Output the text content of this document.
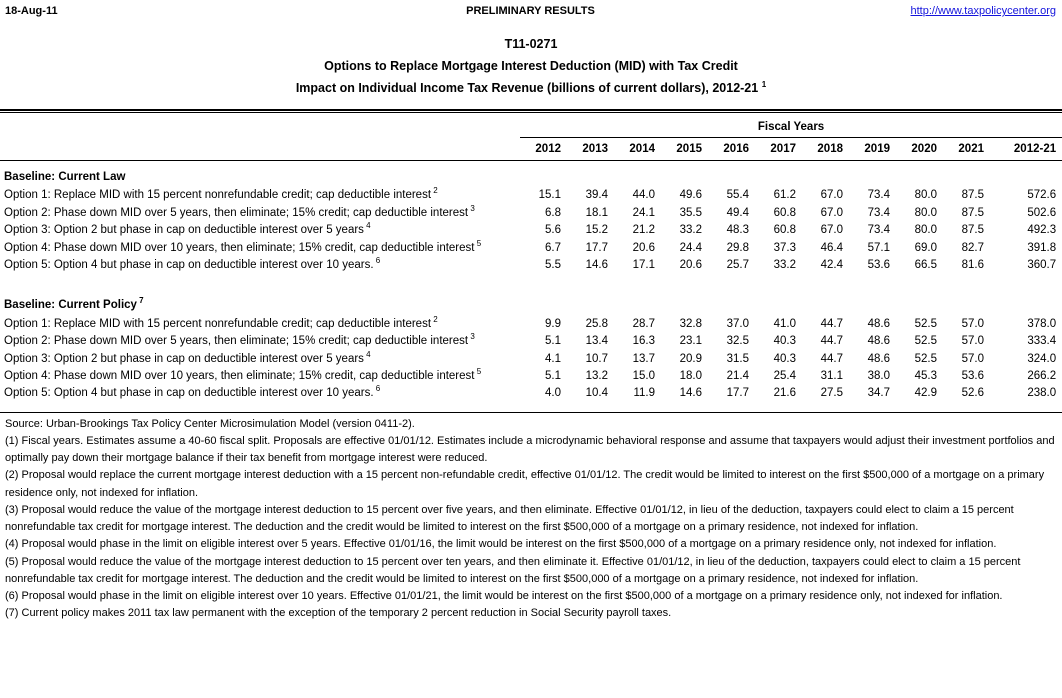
18-Aug-11	PRELIMINARY RESULTS	http://www.taxpolicycenter.org
T11-0271
Options to Replace Mortgage Interest Deduction (MID) with Tax Credit
Impact on Individual Income Tax Revenue (billions of current dollars), 2012-21 $^1$
	Fiscal Years										
	2012	2013	2014	2015	2016	2017	2018	2019	2020	2021	2012-21
Baseline: Current Law											
Option 1: Replace MID with 15 percent nonrefundable credit; cap deductible interest $^2$	15.1	39.4	44.0	49.6	55.4	61.2	67.0	73.4	80.0	87.5	572.6
Option 2: Phase down MID over 5 years, then eliminate; 15% credit; cap deductible interest $^3$	6.8	18.1	24.1	35.5	49.4	60.8	67.0	73.4	80.0	87.5	502.6
Option 3: Option 2 but phase in cap on deductible interest over 5 years $^4$	5.6	15.2	21.2	33.2	48.3	60.8	67.0	73.4	80.0	87.5	492.3
Option 4: Phase down MID over 10 years, then eliminate; 15% credit, cap deductible interest $^5$	6.7	17.7	20.6	24.4	29.8	37.3	46.4	57.1	69.0	82.7	391.8
Option 5: Option 4 but phase in cap on deductible interest over 10 years. $^6$	5.5	14.6	17.1	20.6	25.7	33.2	42.4	53.6	66.5	81.6	360.7

Baseline: Current Policy $^7$
Option 1: Replace MID with 15 percent nonrefundable credit; cap deductible interest $^2$	9.9	25.8	28.7	32.8	37.0	41.0	44.7	48.6	52.5	57.0	378.0
Option 2: Phase down MID over 5 years, then eliminate; 15% credit; cap deductible interest $^3$	5.1	13.4	16.3	23.1	32.5	40.3	44.7	48.6	52.5	57.0	333.4
Option 3: Option 2 but phase in cap on deductible interest over 5 years $^4$	4.1	10.7	13.7	20.9	31.5	40.3	44.7	48.6	52.5	57.0	324.0
Option 4: Phase down MID over 10 years, then eliminate; 15% credit, cap deductible interest $^5$	5.1	13.2	15.0	18.0	21.4	25.4	31.1	38.0	45.3	53.6	266.2
Option 5: Option 4 but phase in cap on deductible interest over 10 years. $^6$	4.0	10.4	11.9	14.6	17.7	21.6	27.5	34.7	42.9	52.6	238.0

Source: Urban-Brookings Tax Policy Center Microsimulation Model (version 0411-2).

(1) Fiscal years. Estimates assume a 40-60 fiscal split. Proposals are effective 01/01/12. Estimates include a microdynamic behavioral response and assume that taxpayers would adjust their investment portfolios and optimally pay down their mortgage balance if their tax benefit from mortgage interest were reduced.

(2) Proposal would replace the current mortgage interest deduction with a 15 percent non-refundable credit, effective 01/01/12. The credit would be limited to interest on the first $500,000 of a mortgage on a primary residence only, not indexed for inflation.

(3) Proposal would reduce the value of the mortgage interest deduction to 15 percent over five years, and then eliminate. Effective 01/01/12, in lieu of the deduction, taxpayers could elect to claim a 15 percent nonrefundable tax credit for mortgage interest. The deduction and the credit would be limited to interest on the first $500,000 of a mortgage on a primary residence, not indexed for inflation.

(4) Proposal would phase in the limit on eligible interest over 5 years. Effective 01/01/16, the limit would be interest on the first $500,000 of a mortgage on a primary residence only, not indexed for inflation.

(5) Proposal would reduce the value of the mortgage interest deduction to 15 percent over ten years, and then eliminate it. Effective 01/01/12, in lieu of the deduction, taxpayers could elect to claim a 15 percent nonrefundable tax credit for mortgage interest. The deduction and the credit would be limited to interest on the first $500,000 of a mortgage on a primary residence, not indexed for inflation.

(6) Proposal would phase in the limit on eligible interest over 10 years. Effective 01/01/21, the limit would be interest on the first $500,000 of a mortgage on a primary residence only, not indexed for inflation.

(7) Current policy makes 2011 tax law permanent with the exception of the temporary 2 percent reduction in Social Security payroll taxes.
